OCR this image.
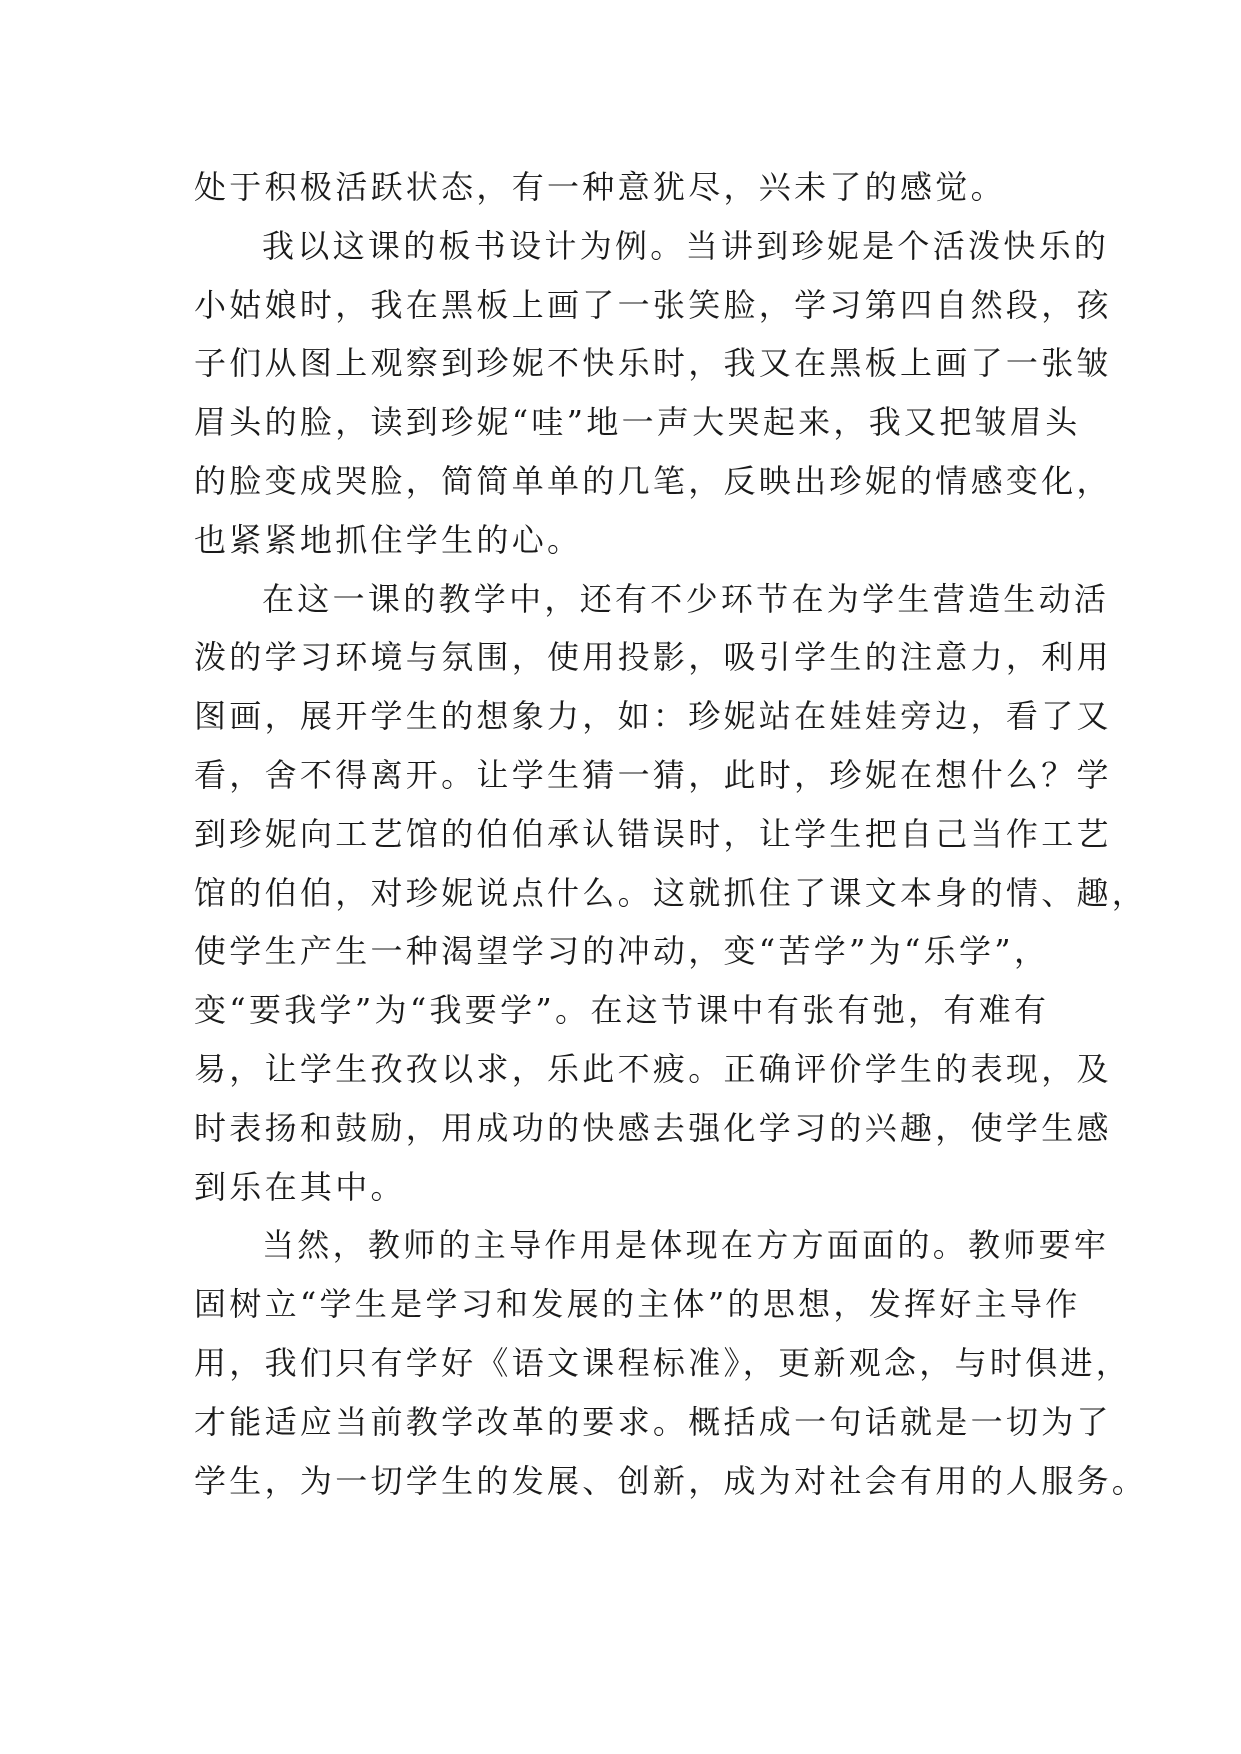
处于积极活跃状态，有一种意犹尽，兴未了的感觉。
我以这课的板书设计为例。当讲到珍妮是个活泼快乐的
小姑娘时，我在黑板上画了一张笑脸，学习第四自然段，孩
子们从图上观察到珍妮不快乐时，我又在黑板上画了一张皱
眉头的脸，读到珍妮“哇”地一声大哭起来，我又把皱眉头
的脸变成哭脸，简简单单的几笔，反映出珍妮的情感变化，
也紧紧地抓住学生的心。
在这一课的教学中，还有不少环节在为学生营造生动活
泼的学习环境与氛围，使用投影，吸引学生的注意力，利用
图画，展开学生的想象力，如：珍妮站在娃娃旁边，看了又
看，舍不得离开。让学生猜一猜，此时，珍妮在想什么？学
到珍妮向工艺馆的伯伯承认错误时，让学生把自己当作工艺
馆的伯伯，对珍妮说点什么。这就抓住了课文本身的情、趣，
使学生产生一种渴望学习的冲动，变“苦学”为“乐学”，
变“要我学”为“我要学”。在这节课中有张有弛，有难有
易，让学生孜孜以求，乐此不疲。正确评价学生的表现，及
时表扬和鼓励，用成功的快感去强化学习的兴趣，使学生感
到乐在其中。
当然，教师的主导作用是体现在方方面面的。教师要牢
固树立“学生是学习和发展的主体”的思想，发挥好主导作
用，我们只有学好《语文课程标准》，更新观念，与时俱进，
才能适应当前教学改革的要求。概括成一句话就是一切为了
学生，为一切学生的发展、创新，成为对社会有用的人服务。
